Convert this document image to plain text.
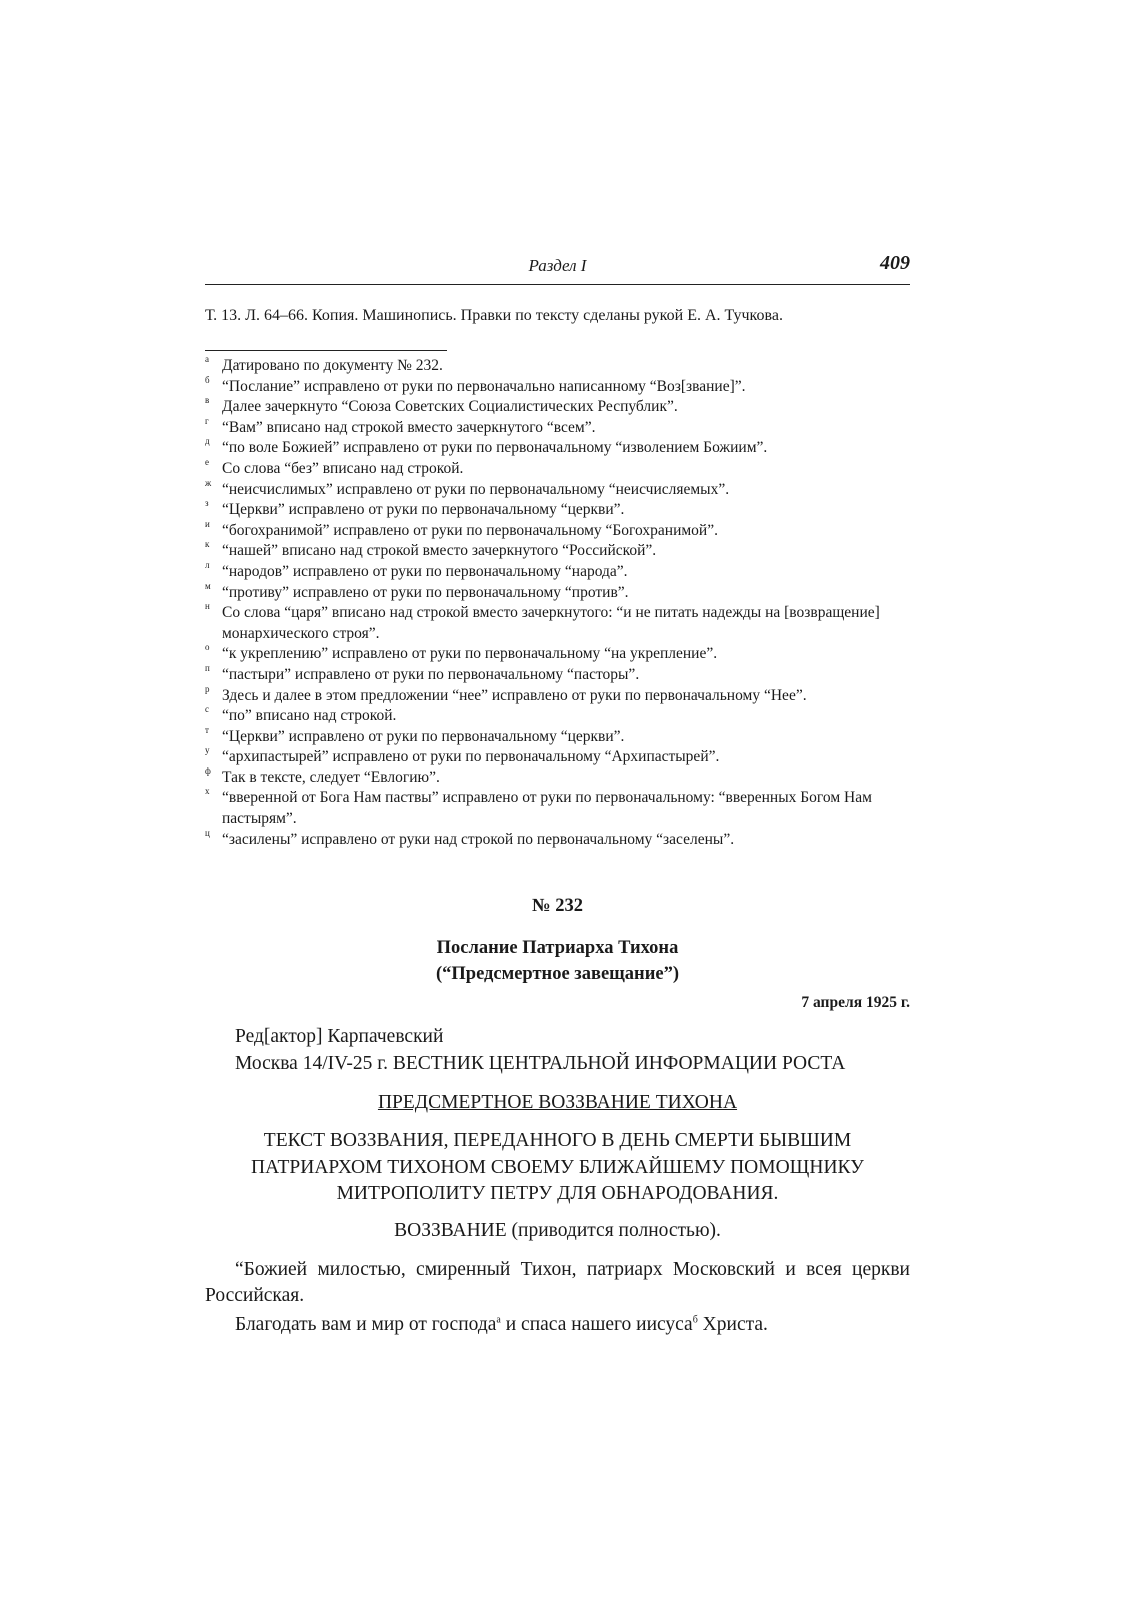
Раздел I	409
Т. 13. Л. 64–66. Копия. Машинопись. Правки по тексту сделаны рукой Е. А. Тучкова.
а Датировано по документу № 232.
б “Послание” исправлено от руки по первоначально написанному “Воз[звание]”.
в Далее зачеркнуто “Союза Советских Социалистических Республик”.
г “Вам” вписано над строкой вместо зачеркнутого “всем”.
д “по воле Божией” исправлено от руки по первоначальному “изволением Божиим”.
е Со слова “без” вписано над строкой.
ж “неисчислимых” исправлено от руки по первоначальному “неисчисляемых”.
з “Церкви” исправлено от руки по первоначальному “церкви”.
и “богохранимой” исправлено от руки по первоначальному “Богохранимой”.
к “нашей” вписано над строкой вместо зачеркнутого “Российской”.
л “народов” исправлено от руки по первоначальному “народа”.
м “противу” исправлено от руки по первоначальному “против”.
н Со слова “царя” вписано над строкой вместо зачеркнутого: “и не питать надежды на [возвращение] монархического строя”.
о “к укреплению” исправлено от руки по первоначальному “на укрепление”.
п “пастыри” исправлено от руки по первоначальному “пасторы”.
р Здесь и далее в этом предложении “нее” исправлено от руки по первоначальному “Нее”.
с “по” вписано над строкой.
т “Церкви” исправлено от руки по первоначальному “церкви”.
у “архипастырей” исправлено от руки по первоначальному “Архипастырей”.
ф Так в тексте, следует “Евлогию”.
х “вверенной от Бога Нам паствы” исправлено от руки по первоначальному: “вверенных Богом Нам пастырям”.
ц “засилены” исправлено от руки над строкой по первоначальному “заселены”.
№ 232
Послание Патриарха Тихона
(“Предсмертное завещание”)
7 апреля 1925 г.
Ред[актор] Карпачевский
Москва 14/IV-25 г. ВЕСТНИК ЦЕНТРАЛЬНОЙ ИНФОРМАЦИИ РОСТА
ПРЕДСМЕРТНОЕ ВОЗЗВАНИЕ ТИХОНА
ТЕКСТ ВОЗЗВАНИЯ, ПЕРЕДАННОГО В ДЕНЬ СМЕРТИ БЫВШИМ ПАТРИАРХОМ ТИХОНОМ СВОЕМУ БЛИЖАЙШЕМУ ПОМОЩНИКУ МИТРОПОЛИТУ ПЕТРУ ДЛЯ ОБНАРОДОВАНИЯ.
ВОЗЗВАНИЕ (приводится полностью).
“Божией милостью, смиренный Тихон, патриарх Московский и всея церкви Российская.
Благодать вам и мир от господа$^а$ и спаса нашего иисуса$^б$ Христа.
